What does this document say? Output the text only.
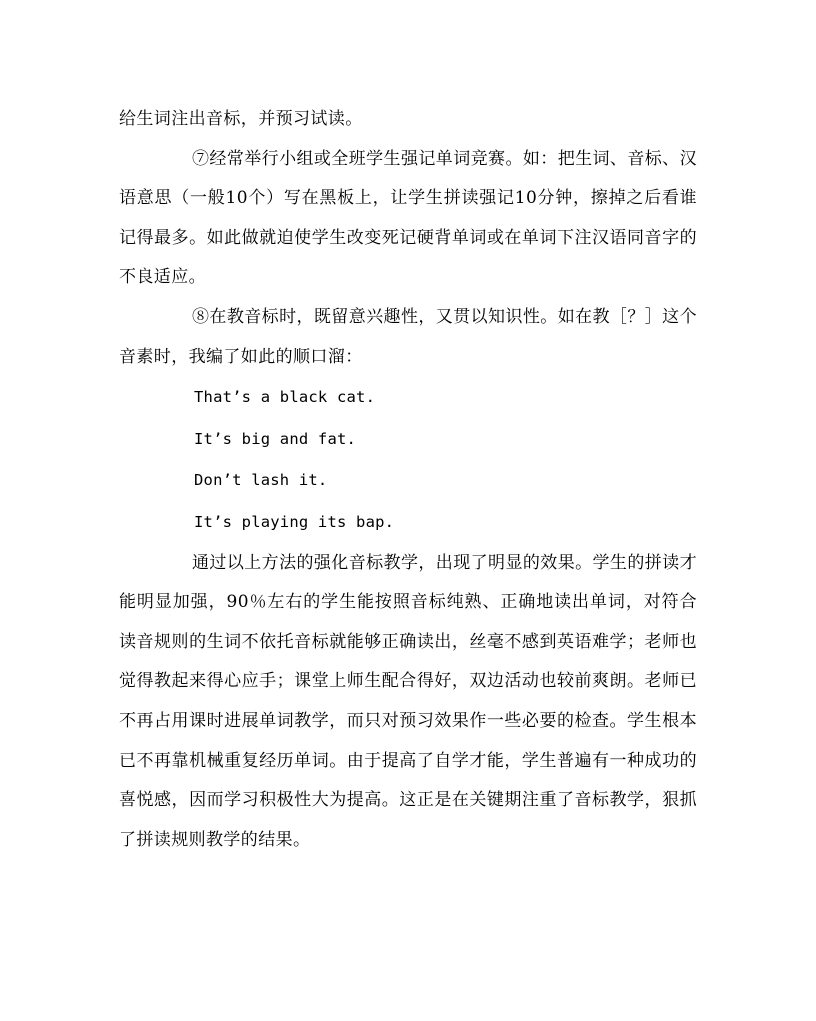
给生词注出音标，并预习试读。

⑦经常举行小组或全班学生强记单词竞赛。如：把生词、音标、汉语意思（一般10个）写在黑板上，让学生拼读强记10分钟，擦掉之后看谁记得最多。如此做就迫使学生改变死记硬背单词或在单词下注汉语同音字的不良适应。

⑧在教音标时，既留意兴趣性，又贯以知识性。如在教［？］这个音素时，我编了如此的顺口溜：

That’s a black cat.
It’s big and fat.
Don’t lash it.
It’s playing its bap.

通过以上方法的强化音标教学，出现了明显的效果。学生的拼读才能明显加强，90％左右的学生能按照音标纯熟、正确地读出单词，对符合读音规则的生词不依托音标就能够正确读出，丝毫不感到英语难学；老师也觉得教起来得心应手；课堂上师生配合得好，双边活动也较前爽朗。老师已不再占用课时进展单词教学，而只对预习效果作一些必要的检查。学生根本已不再靠机械重复经历单词。由于提高了自学才能，学生普遍有一种成功的喜悦感，因而学习积极性大为提高。这正是在关键期注重了音标教学，狠抓了拼读规则教学的结果。
